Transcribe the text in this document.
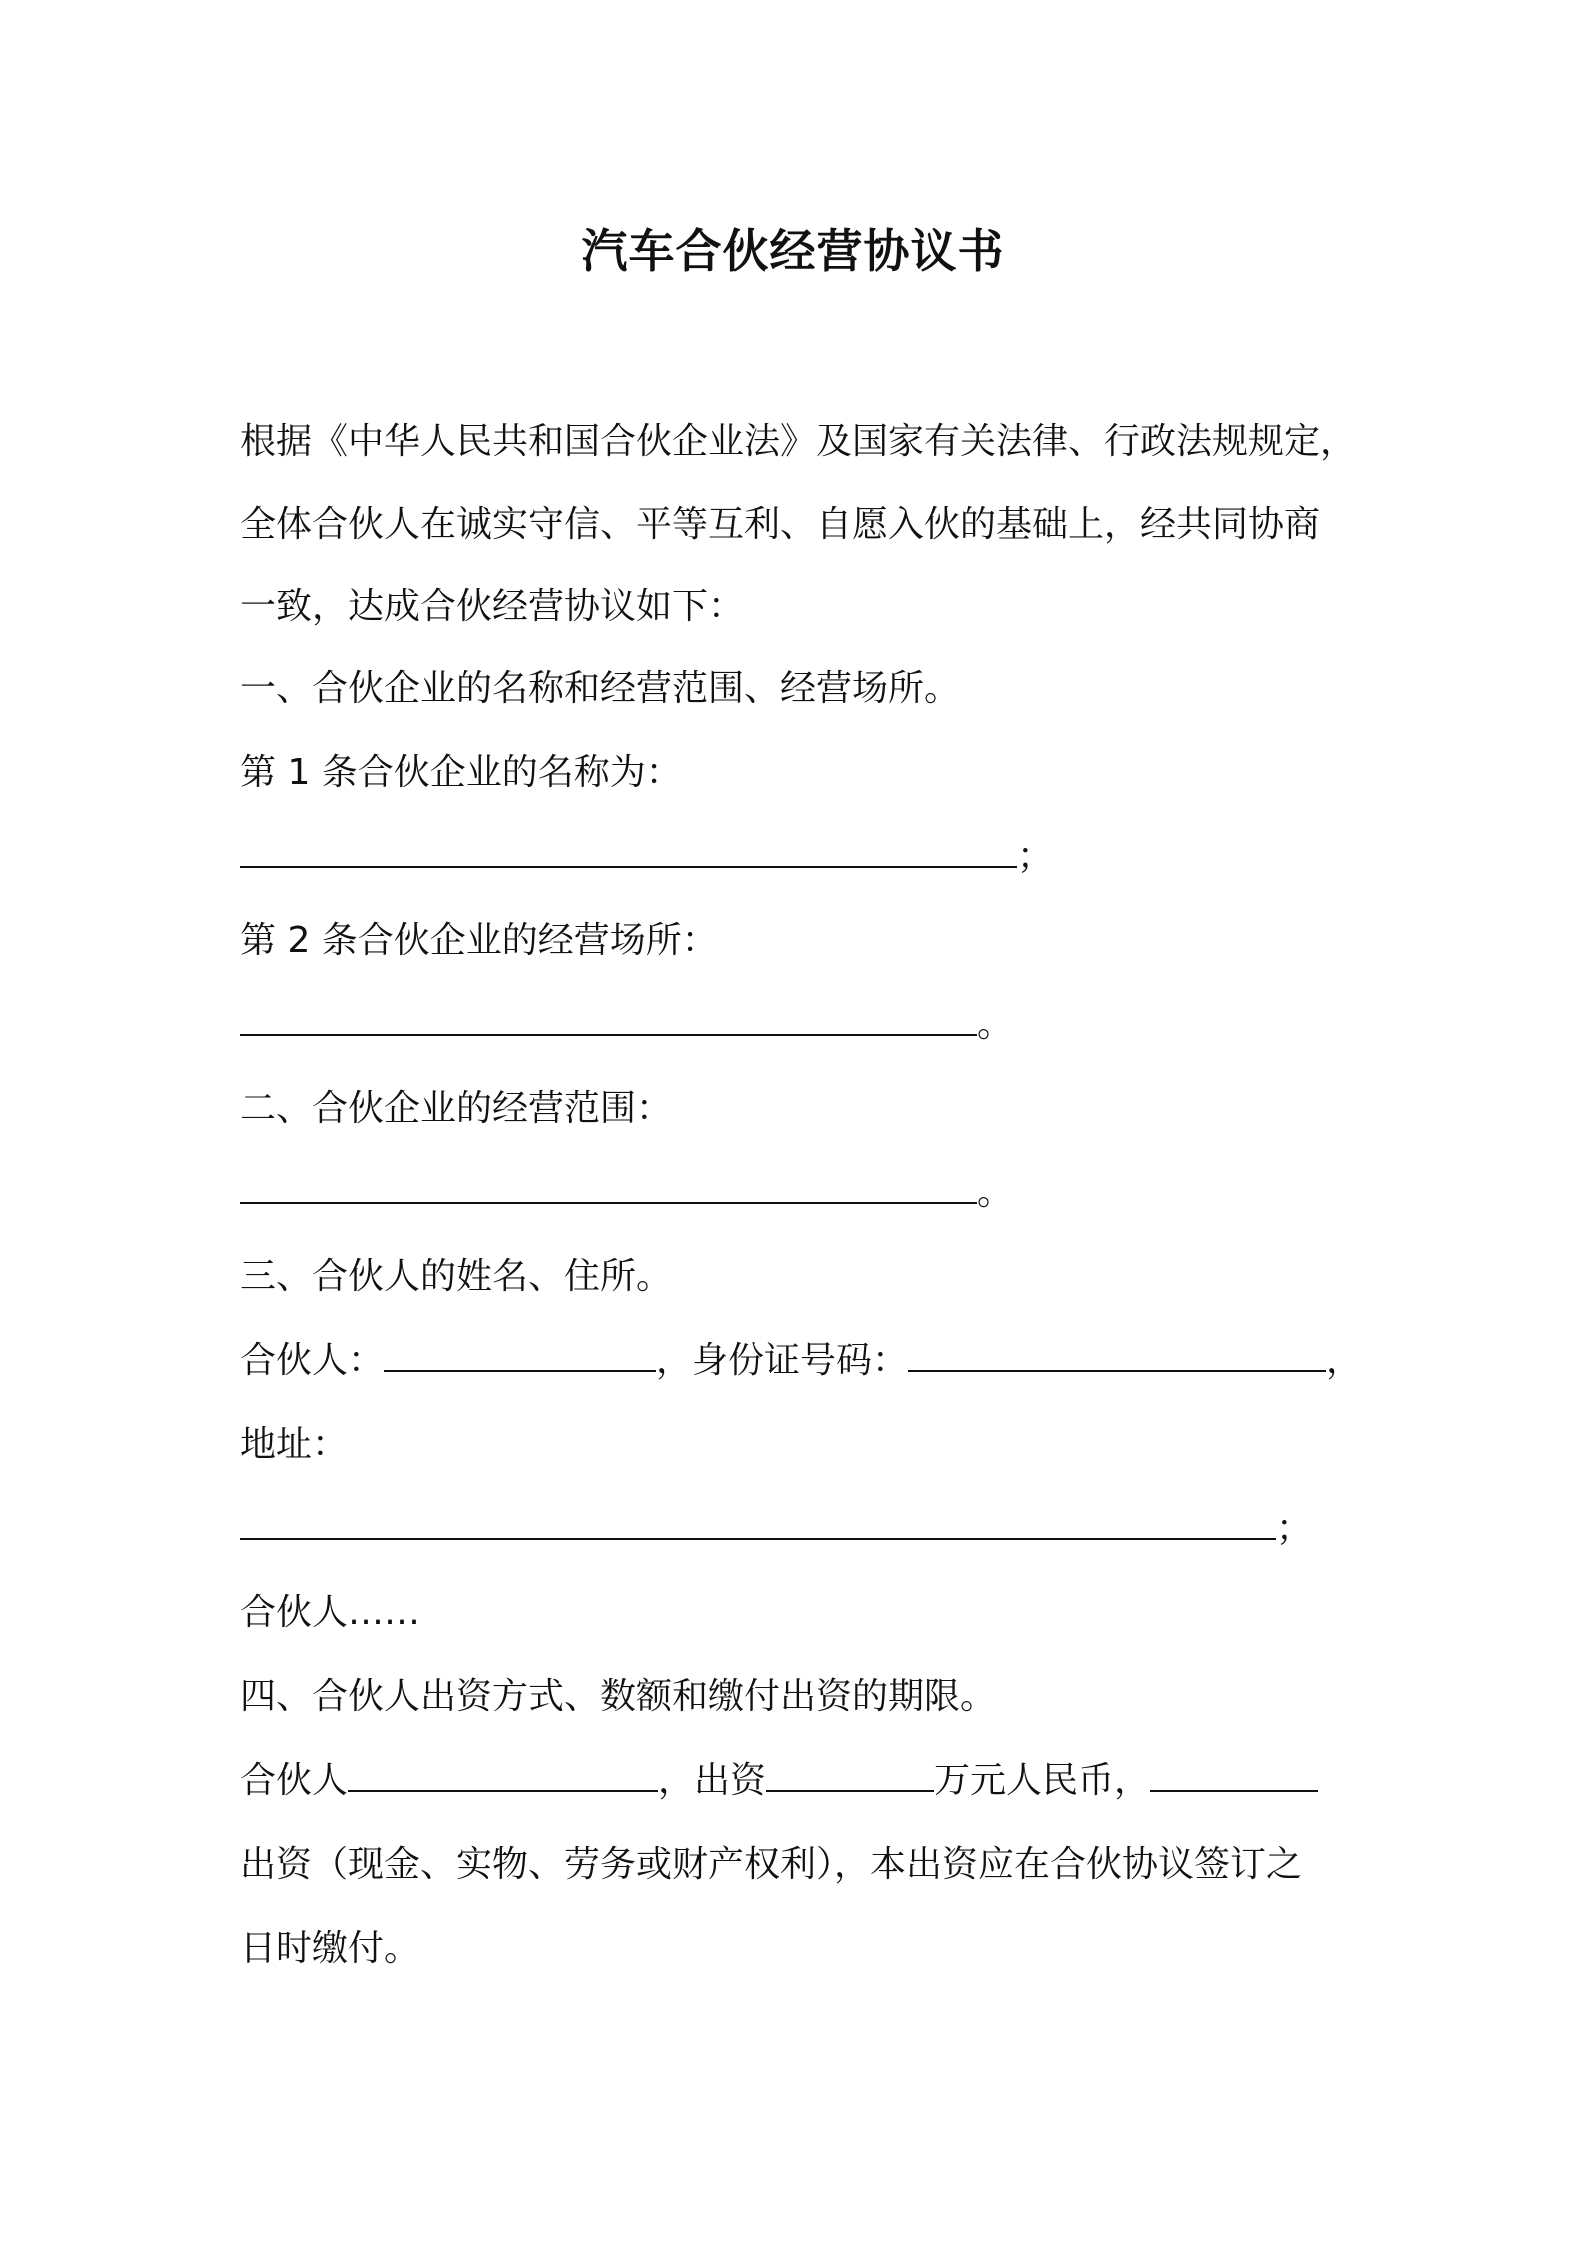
汽车合伙经营协议书
根据《中华人民共和国合伙企业法》及国家有关法律、行政法规规定，
全体合伙人在诚实守信、平等互利、自愿入伙的基础上，经共同协商
一致，达成合伙经营协议如下：
一、合伙企业的名称和经营范围、经营场所。
第 1 条合伙企业的名称为：
；
第 2 条合伙企业的经营场所：
。
二、合伙企业的经营范围：
。
三、合伙人的姓名、住所。
合伙人：	，身份证号码：	，
地址：
；
合伙人……
四、合伙人出资方式、数额和缴付出资的期限。
合伙人	，出资	万元人民币，
出资（现金、实物、劳务或财产权利），本出资应在合伙协议签订之
日时缴付。
